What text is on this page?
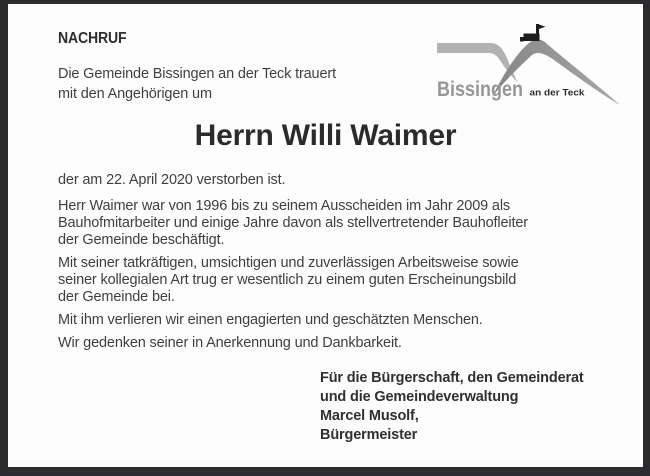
NACHRUF
Die Gemeinde Bissingen an der Teck trauert
mit den Angehörigen um	Bissingen an der Teck
Herrn Willi Waimer
der am 22. April 2020 verstorben ist.
Herr Waimer war von 1996 bis zu seinem Ausscheiden im Jahr 2009 als
Bauhofmitarbeiter und einige Jahre davon als stellvertretender Bauhofleiter
der Gemeinde beschäftigt.
Mit seiner tatkräftigen, umsichtigen und zuverlässigen Arbeitsweise sowie
seiner kollegialen Art trug er wesentlich zu einem guten Erscheinungsbild
der Gemeinde bei.
Mit ihm verlieren wir einen engagierten und geschätzten Menschen.
Wir gedenken seiner in Anerkennung und Dankbarkeit.
Für die Bürgerschaft, den Gemeinderat
und die Gemeindeverwaltung
Marcel Musolf,
Bürgermeister
